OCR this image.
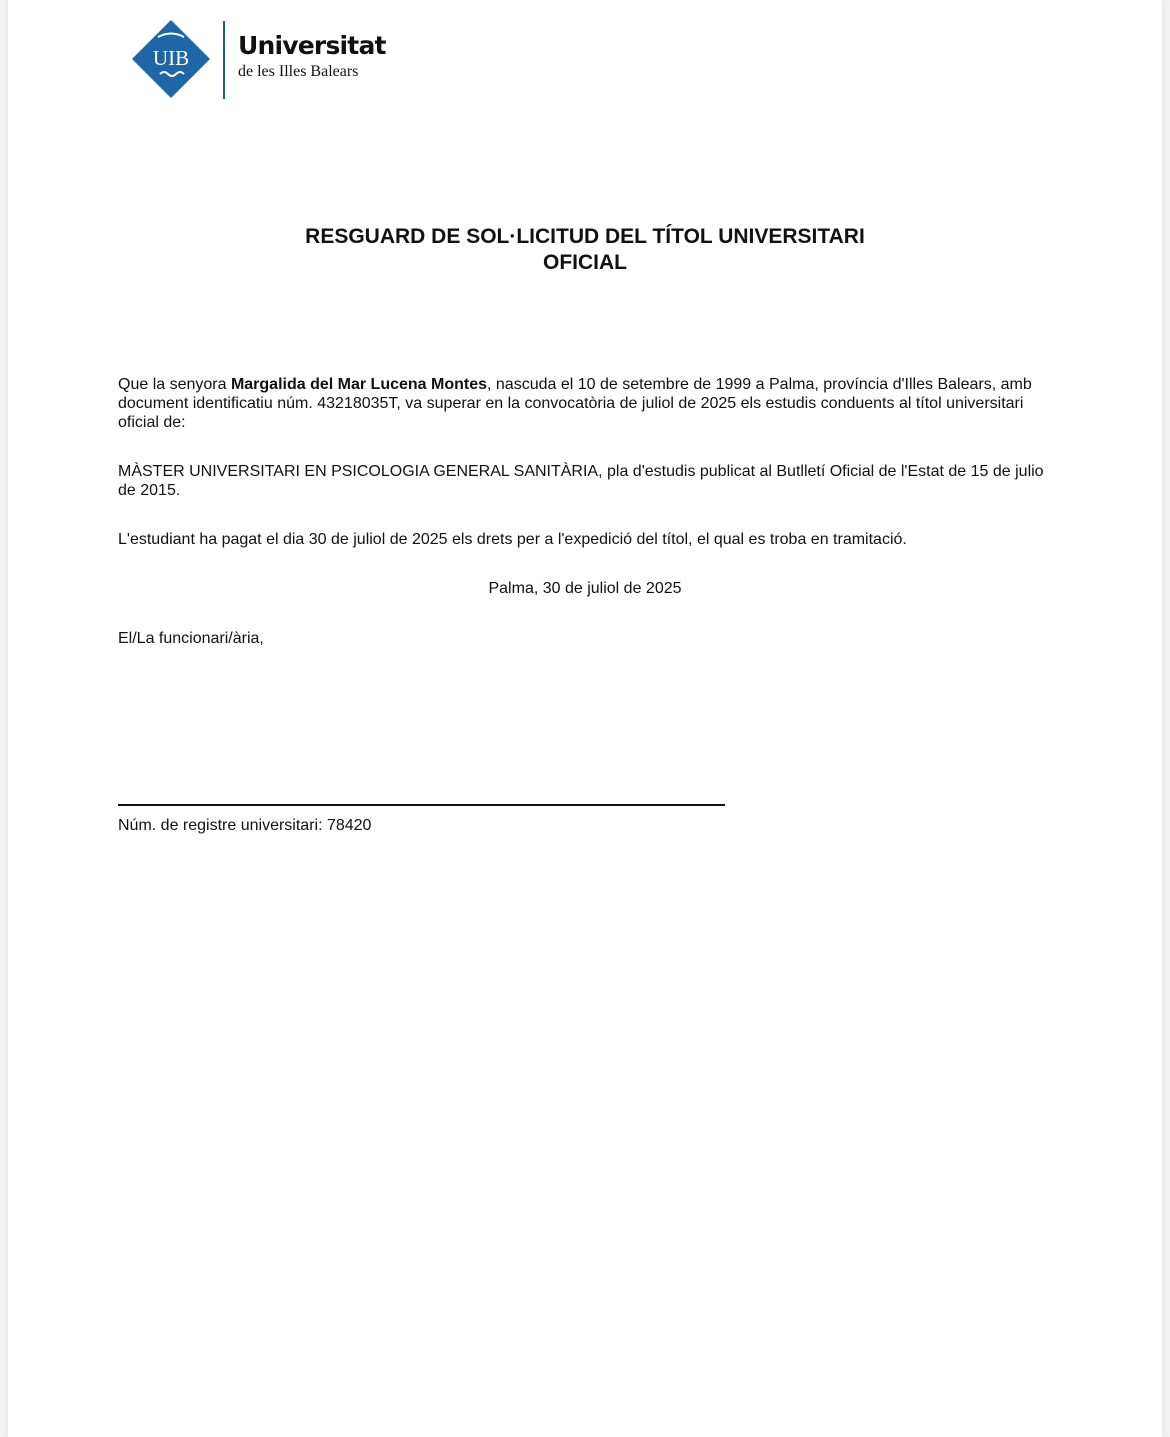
UIB Universitat
de les Illes Balears
RESGUARD DE SOL·LICITUD DEL TÍTOL UNIVERSITARI
OFICIAL
Que la senyora Margalida del Mar Lucena Montes, nascuda el 10 de setembre de 1999 a Palma, província d'Illes Balears, amb document identificatiu núm. 43218035T, va superar en la convocatòria de juliol de 2025 els estudis conduents al títol universitari oficial de:
MÀSTER UNIVERSITARI EN PSICOLOGIA GENERAL SANITÀRIA, pla d'estudis publicat al Butlletí Oficial de l'Estat de 15 de julio de 2015.
L'estudiant ha pagat el dia 30 de juliol de 2025 els drets per a l'expedició del títol, el qual es troba en tramitació.
Palma, 30 de juliol de 2025
El/La funcionari/ària,
Núm. de registre universitari: 78420
